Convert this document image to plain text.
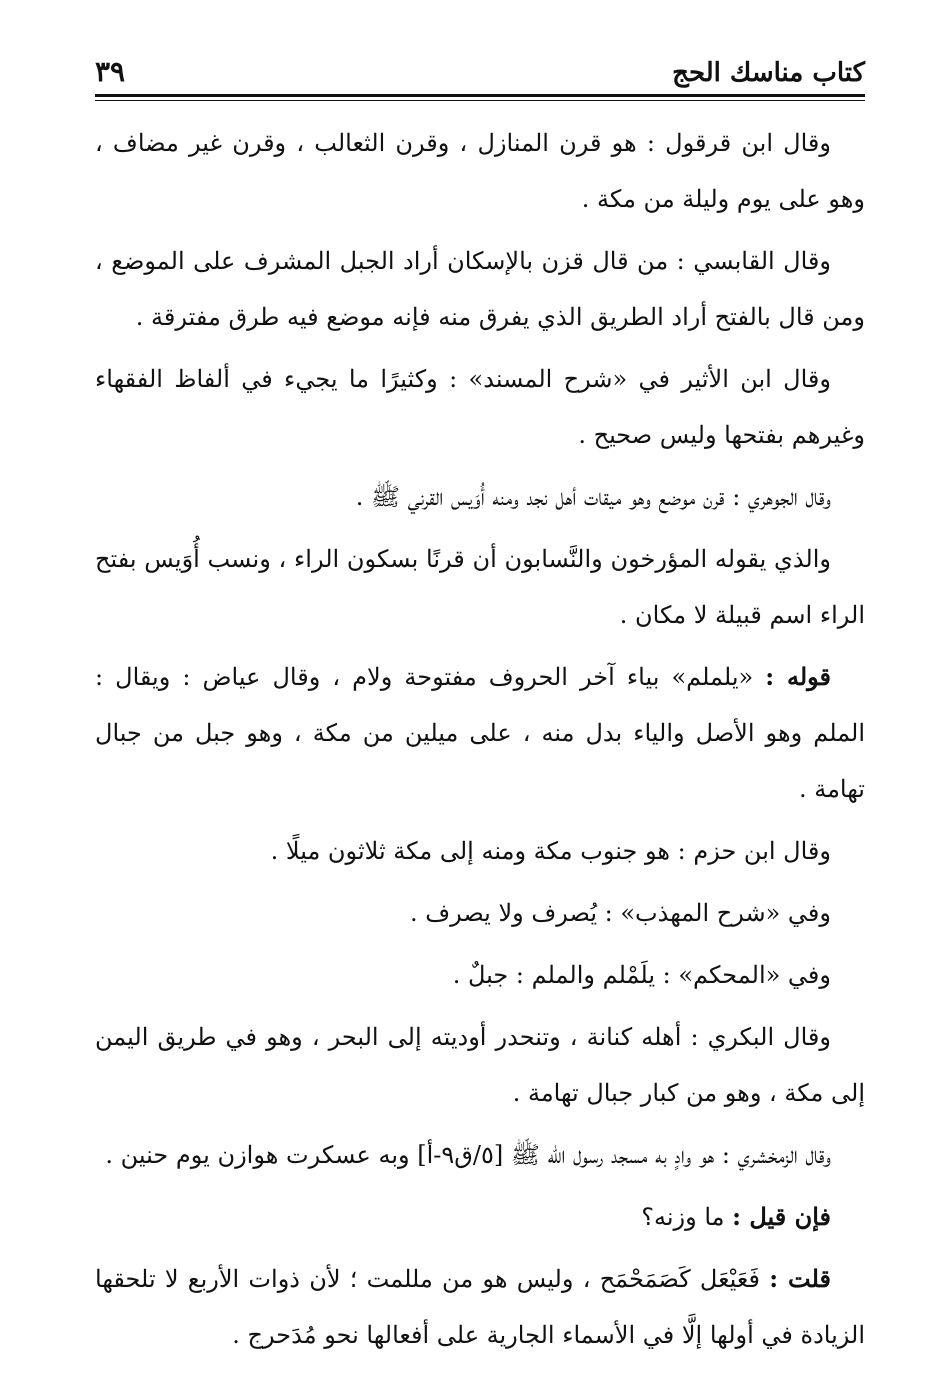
كتاب مناسك الحج
٣٩

وقال ابن قرقول : هو قرن المنازل ، وقرن الثعالب ، وقرن غير مضاف ، وهو على يوم وليلة من مكة .

وقال القابسي : من قال قزن بالإسكان أراد الجبل المشرف على الموضع ، ومن قال بالفتح أراد الطريق الذي يفرق منه فإنه موضع فيه طرق مفترقة .

وقال ابن الأثير في «شرح المسند» : وكثيرًا ما يجيء في ألفاظ الفقهاء وغيرهم بفتحها وليس صحيح .

وقال الجوهري : قرن موضع وهو ميقات أهل نجد ومنه أُوَيس القرني ﷺ .

والذي يقوله المؤرخون والنَّسابون أن قرنًا بسكون الراء ، ونسب أُوَيس بفتح الراء اسم قبيلة لا مكان .

قوله : «يلملم» بياء آخر الحروف مفتوحة ولام ، وقال عياض : ويقال : الملم وهو الأصل والياء بدل منه ، على ميلين من مكة ، وهو جبل من جبال تهامة .

وقال ابن حزم : هو جنوب مكة ومنه إلى مكة ثلاثون ميلًا .

وفي «شرح المهذب» : يُصرف ولا يصرف .

وفي «المحكم» : يلَمْلم والملم : جبلٌ .

وقال البكري : أهله كنانة ، وتنحدر أوديته إلى البحر ، وهو في طريق اليمن إلى مكة ، وهو من كبار جبال تهامة .

وقال الزمخشري : هو وادٍ به مسجد رسول الله ﷺ [٥/ق٩-أ] وبه عسكرت هوازن يوم حنين .

فإن قيل : ما وزنه؟

قلت : فَعَيْعَل كَصَمَحْمَح ، وليس هو من مللمت ؛ لأن ذوات الأربع لا تلحقها الزيادة في أولها إلَّا في الأسماء الجارية على أفعالها نحو مُدَحرج .
